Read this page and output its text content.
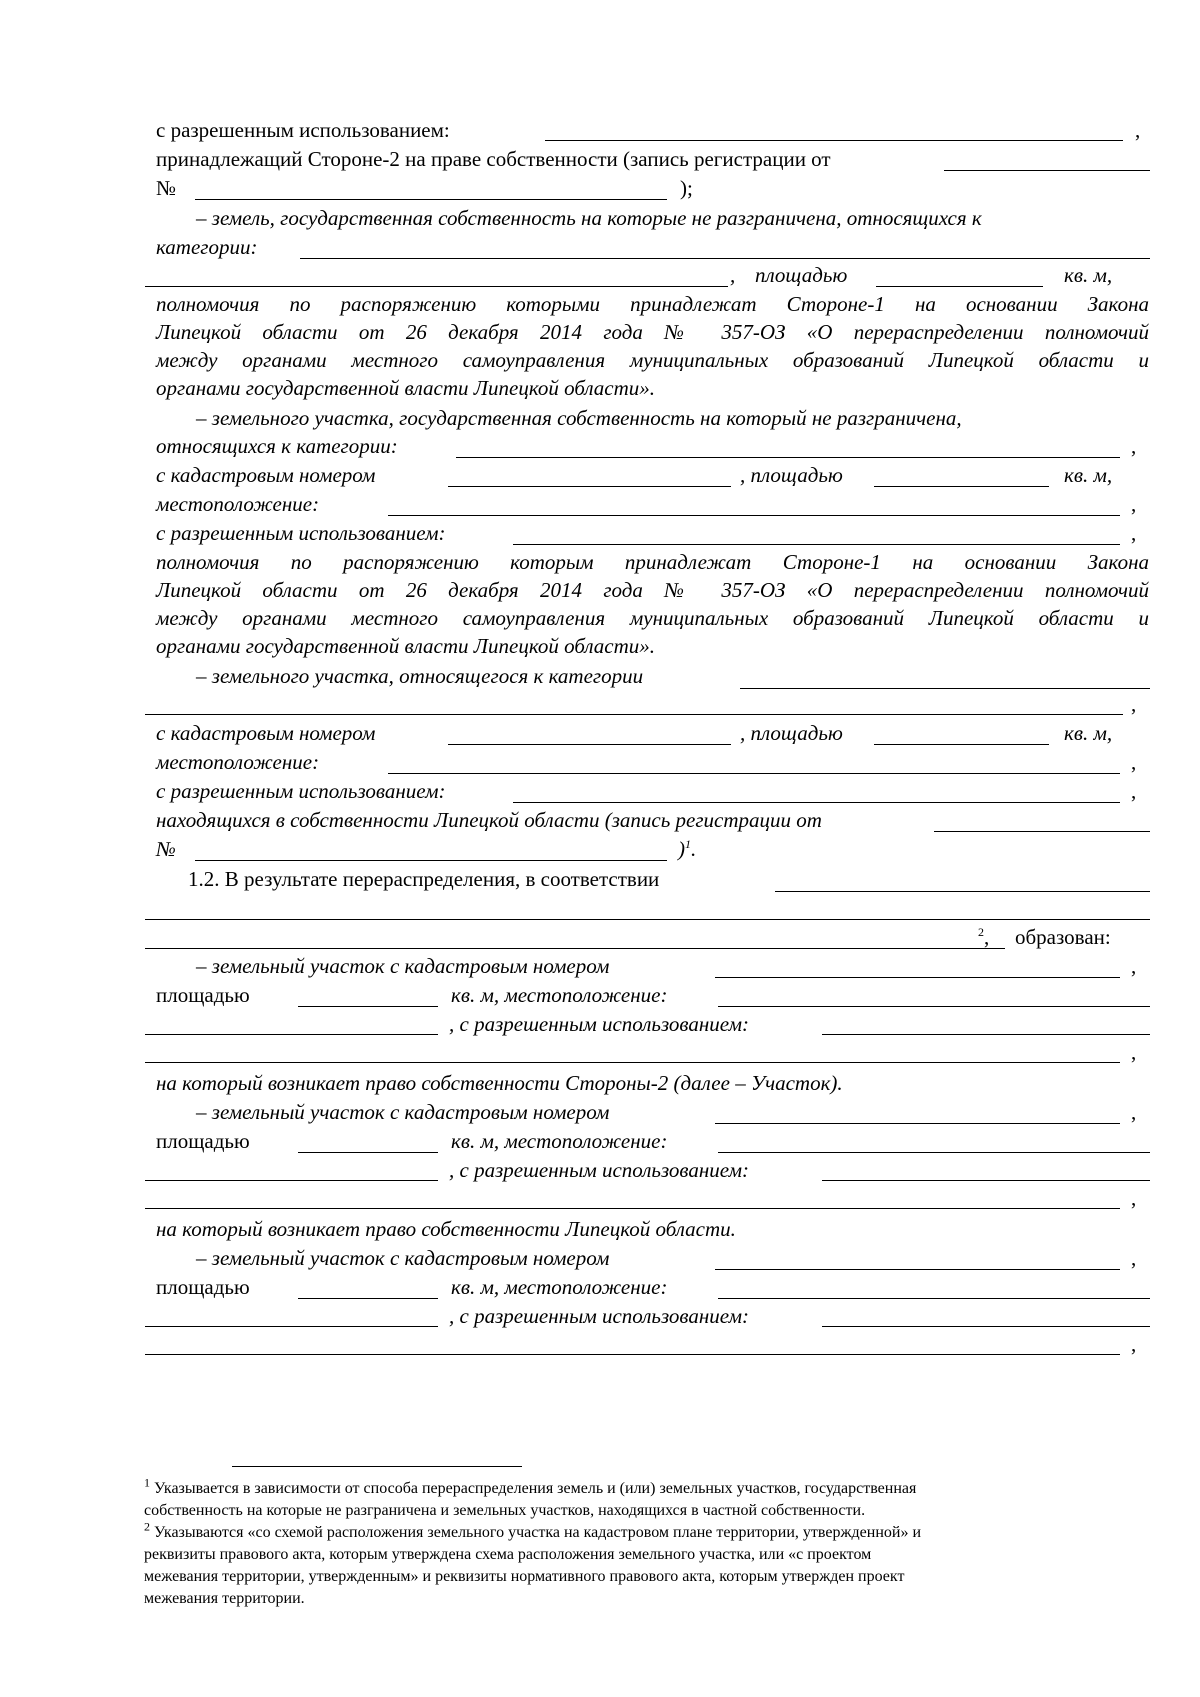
с разрешенным использованием:	,
принадлежащий Стороне-2 на праве собственности (запись регистрации от
№	);
– земель, государственная собственность на которые не разграничена, относящихся к
категории:
, площадью	кв. м,
полномочия по распоряжению которыми принадлежат Стороне-1 на основании Закона
Липецкой области от 26 декабря 2014 года № 357-ОЗ «О перераспределении полномочий
между органами местного самоуправления муниципальных образований Липецкой области и
органами государственной власти Липецкой области».
– земельного участка, государственная собственность на который не разграничена,
относящихся к категории:	,
с кадастровым номером	, площадью	кв. м,
местоположение:	,
с разрешенным использованием:	,
полномочия по распоряжению которым принадлежат Стороне-1 на основании Закона
Липецкой области от 26 декабря 2014 года № 357-ОЗ «О перераспределении полномочий
между органами местного самоуправления муниципальных образований Липецкой области и
органами государственной власти Липецкой области».
– земельного участка, относящегося к категории
,
с кадастровым номером	, площадью	кв. м,
местоположение:	,
с разрешенным использованием:	,
находящихся в собственности Липецкой области (запись регистрации от
№	)$^1$.
1.2. В результате перераспределения, в соответствии
$^2$, образован:
– земельный участок с кадастровым номером	,
площадью	кв. м, местоположение:
, с разрешенным использованием:
,
на который возникает право собственности Стороны-2 (далее – Участок).
– земельный участок с кадастровым номером	,
площадью	кв. м, местоположение:
, с разрешенным использованием:
,
на который возникает право собственности Липецкой области.
– земельный участок с кадастровым номером	,
площадью	кв. м, местоположение:
, с разрешенным использованием:
,
$^1$ Указывается в зависимости от способа перераспределения земель и (или) земельных участков, государственная
собственность на которые не разграничена и земельных участков, находящихся в частной собственности.
$^2$ Указываются «со схемой расположения земельного участка на кадастровом плане территории, утвержденной» и
реквизиты правового акта, которым утверждена схема расположения земельного участка, или «с проектом
межевания территории, утвержденным» и реквизиты нормативного правового акта, которым утвержден проект
межевания территории.
